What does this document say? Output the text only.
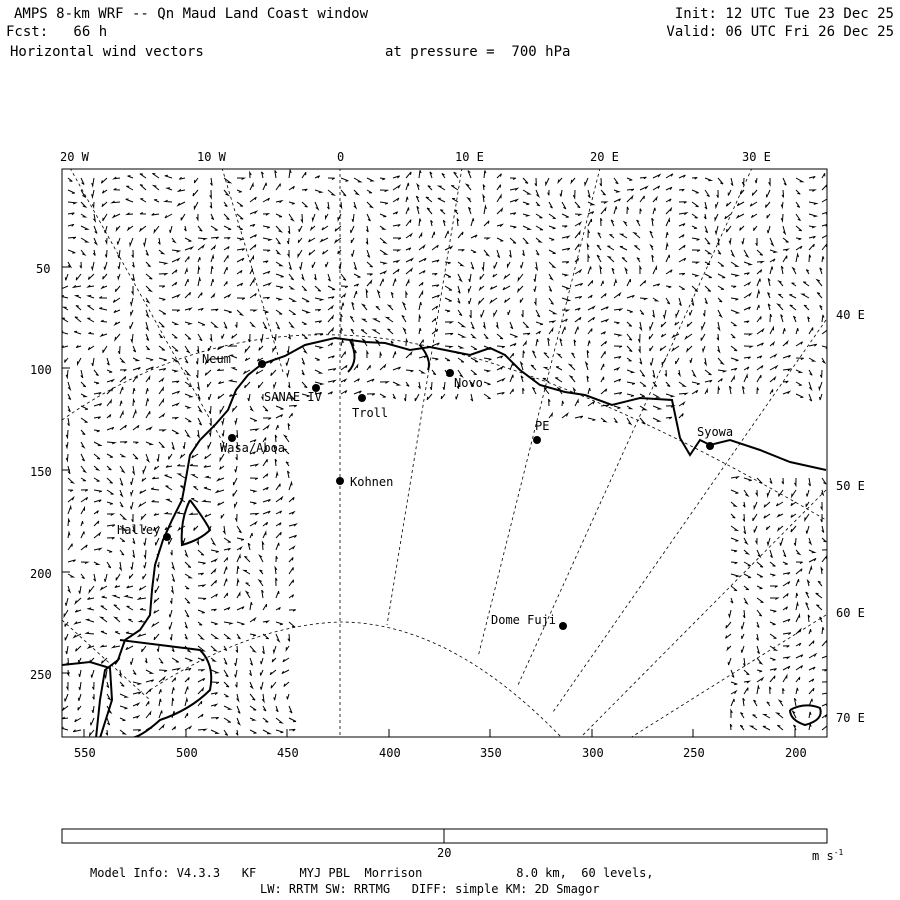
AMPS 8-km WRF -- Qn Maud Land Coast window
Fcst:   66 h
Horizontal wind vectors	at pressure =  700 hPa
Init: 12 UTC Tue 23 Dec 25
Valid: 06 UTC Fri 26 Dec 25
20 W	10 W	0	10 E	20 E	30 E
40 E
50 E
60 E
70 E
50
100
150
200
250
550	500	450	400	350	300	250	200
Neum
SANAE IV
Troll
Novo
PE	Syowa
Kohnen
Halley
Wasa/Aboa
Dome Fuji
20	m $s^{-1}$
Model Info: V4.3.3   KF      MYJ PBL  Morrison             8.0 km,  60 levels,
LW: RRTM SW: RRTMG   DIFF: simple KM: 2D Smagor
